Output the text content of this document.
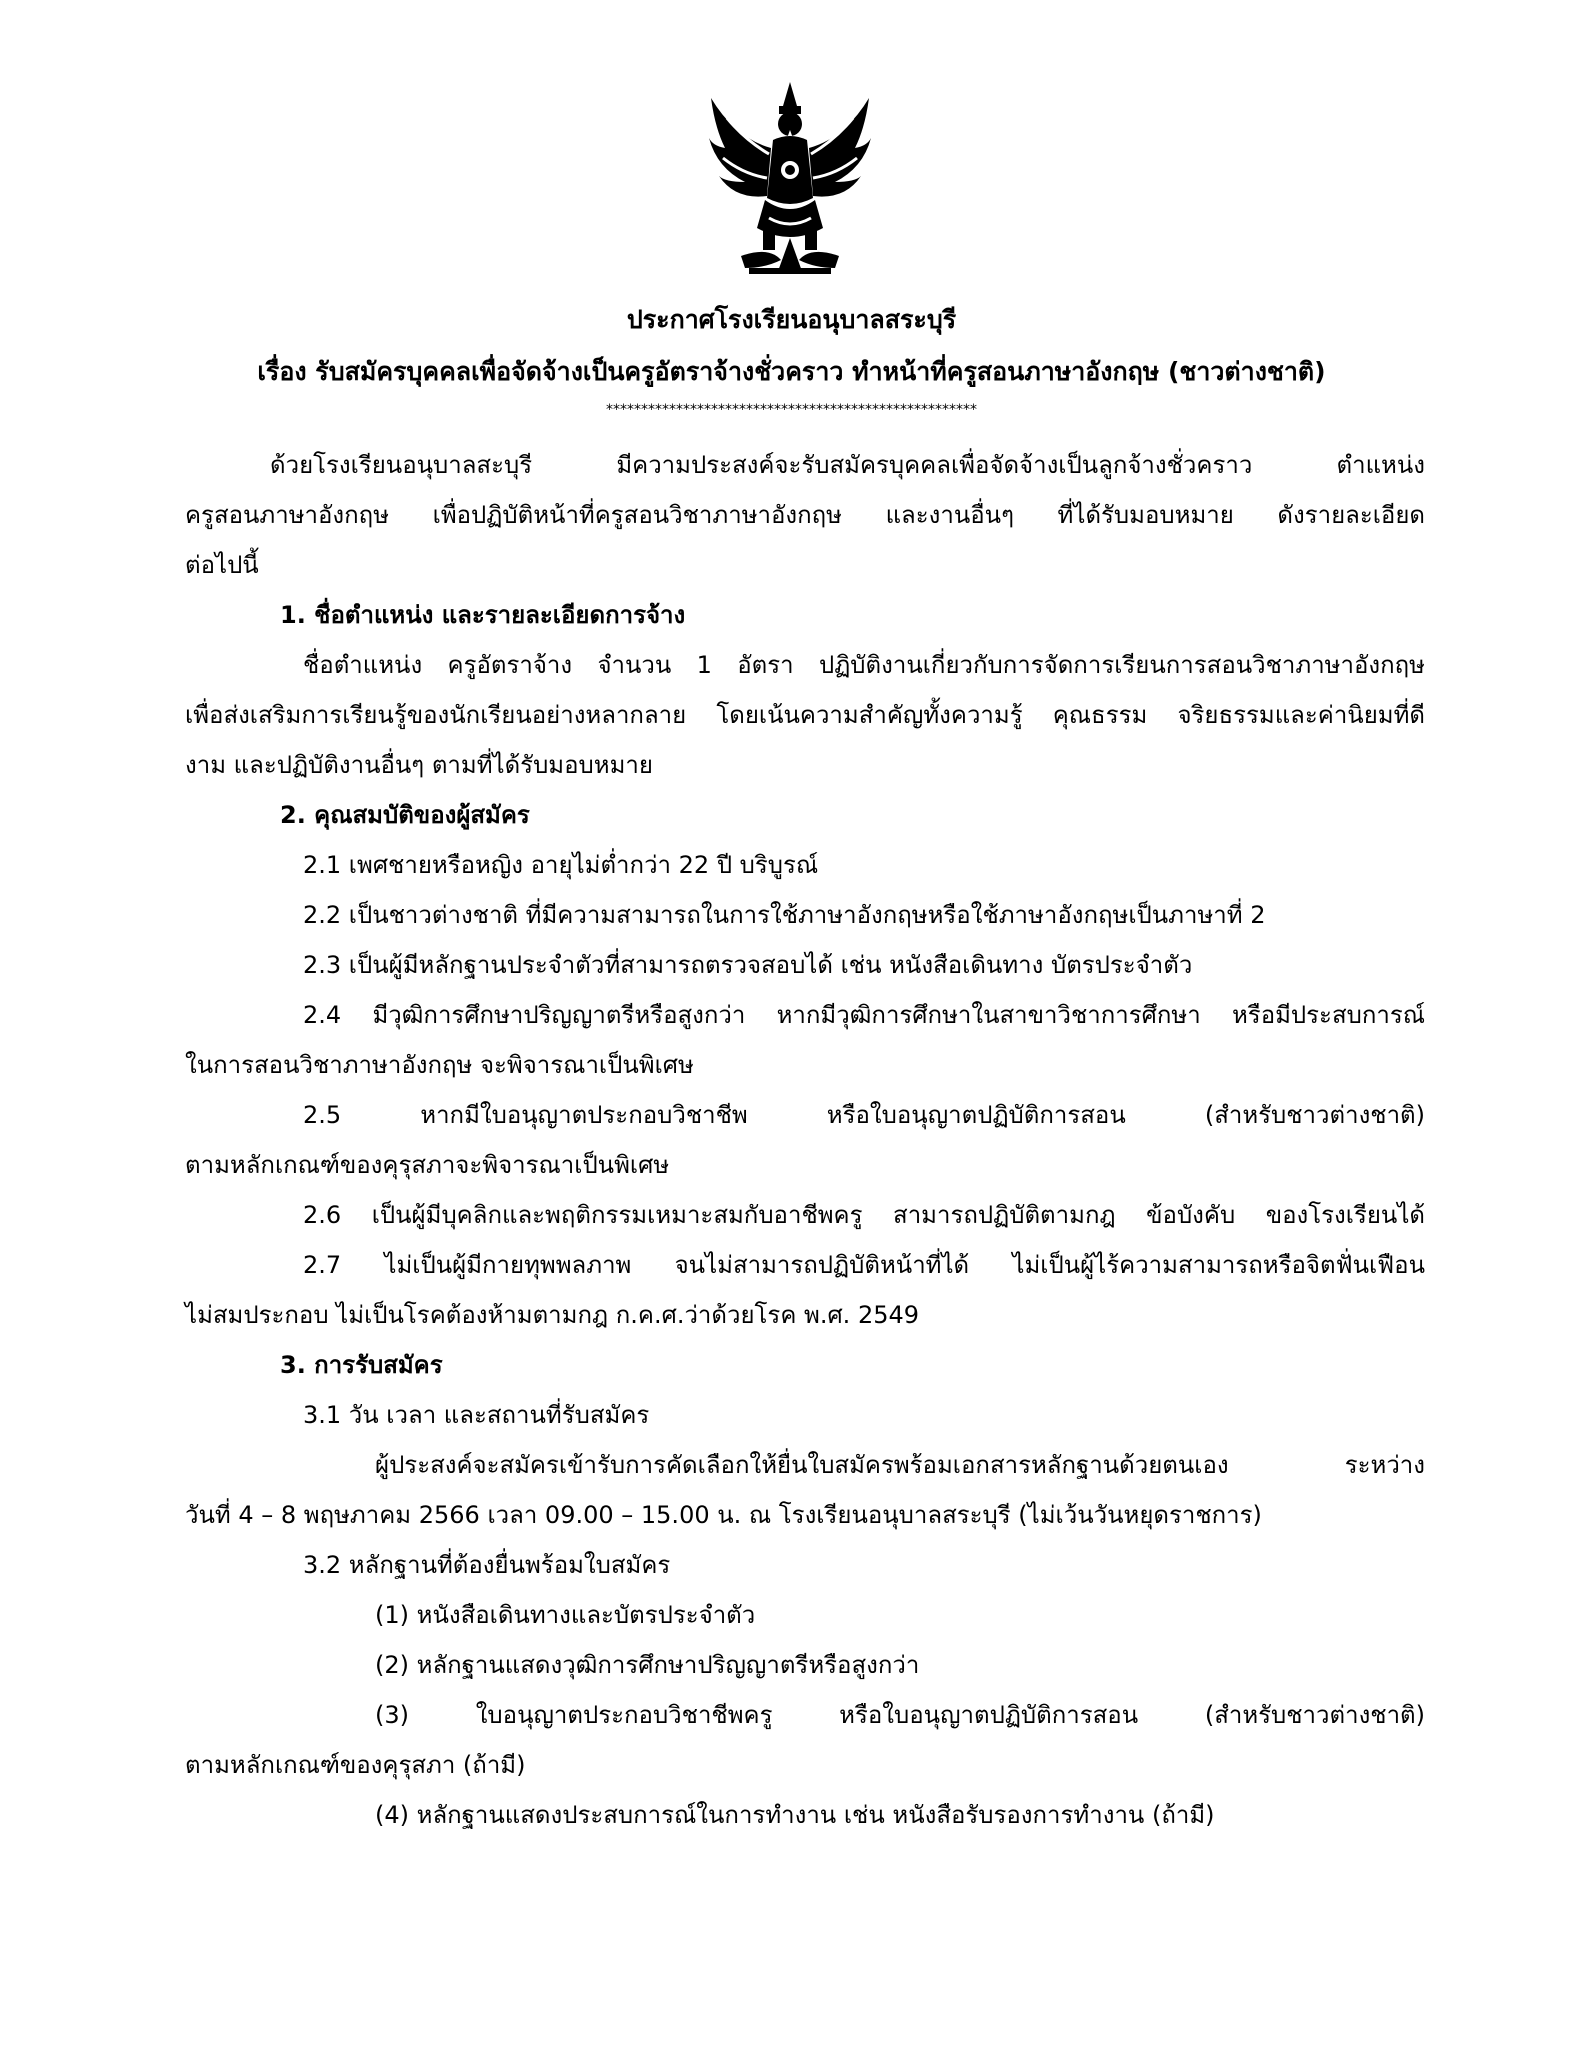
ประกาศโรงเรียนอนุบาลสระบุรี
เรื่อง รับสมัครบุคคลเพื่อจัดจ้างเป็นครูอัตราจ้างชั่วคราว ทำหน้าที่ครูสอนภาษาอังกฤษ (ชาวต่างชาติ)
*****************************************************

ด้วยโรงเรียนอนุบาลสะบุรี มีความประสงค์จะรับสมัครบุคคลเพื่อจัดจ้างเป็นลูกจ้างชั่วคราว ตำแหน่ง

ครูสอนภาษาอังกฤษ เพื่อปฏิบัติหน้าที่ครูสอนวิชาภาษาอังกฤษ และงานอื่นๆ ที่ได้รับมอบหมาย ดังรายละเอียด

ต่อไปนี้

1. ชื่อตำแหน่ง และรายละเอียดการจ้าง

ชื่อตำแหน่ง ครูอัตราจ้าง จำนวน 1 อัตรา ปฏิบัติงานเกี่ยวกับการจัดการเรียนการสอนวิชาภาษาอังกฤษ

เพื่อส่งเสริมการเรียนรู้ของนักเรียนอย่างหลากลาย โดยเน้นความสำคัญทั้งความรู้ คุณธรรม จริยธรรมและค่านิยมที่ดี

งาม และปฏิบัติงานอื่นๆ ตามที่ได้รับมอบหมาย

2. คุณสมบัติของผู้สมัคร

2.1 เพศชายหรือหญิง อายุไม่ต่ำกว่า 22 ปี บริบูรณ์

2.2 เป็นชาวต่างชาติ ที่มีความสามารถในการใช้ภาษาอังกฤษหรือใช้ภาษาอังกฤษเป็นภาษาที่ 2

2.3 เป็นผู้มีหลักฐานประจำตัวที่สามารถตรวจสอบได้ เช่น หนังสือเดินทาง บัตรประจำตัว

2.4 มีวุฒิการศึกษาปริญญาตรีหรือสูงกว่า หากมีวุฒิการศึกษาในสาขาวิชาการศึกษา หรือมีประสบการณ์

ในการสอนวิชาภาษาอังกฤษ จะพิจารณาเป็นพิเศษ

2.5 หากมีใบอนุญาตประกอบวิชาชีพ หรือใบอนุญาตปฏิบัติการสอน (สำหรับชาวต่างชาติ)

ตามหลักเกณฑ์ของคุรุสภาจะพิจารณาเป็นพิเศษ

2.6 เป็นผู้มีบุคลิกและพฤติกรรมเหมาะสมกับอาชีพครู สามารถปฏิบัติตามกฎ ข้อบังคับ ของโรงเรียนได้

2.7 ไม่เป็นผู้มีกายทุพพลภาพ จนไม่สามารถปฏิบัติหน้าที่ได้ ไม่เป็นผู้ไร้ความสามารถหรือจิตฟั่นเฟือน

ไม่สมประกอบ ไม่เป็นโรคต้องห้ามตามกฎ ก.ค.ศ.ว่าด้วยโรค พ.ศ. 2549

3. การรับสมัคร

3.1 วัน เวลา และสถานที่รับสมัคร

ผู้ประสงค์จะสมัครเข้ารับการคัดเลือกให้ยื่นใบสมัครพร้อมเอกสารหลักฐานด้วยตนเอง ระหว่าง

วันที่ 4 – 8 พฤษภาคม 2566 เวลา 09.00 – 15.00 น. ณ โรงเรียนอนุบาลสระบุรี (ไม่เว้นวันหยุดราชการ)

3.2 หลักฐานที่ต้องยื่นพร้อมใบสมัคร

(1) หนังสือเดินทางและบัตรประจำตัว

(2) หลักฐานแสดงวุฒิการศึกษาปริญญาตรีหรือสูงกว่า

(3) ใบอนุญาตประกอบวิชาชีพครู หรือใบอนุญาตปฏิบัติการสอน (สำหรับชาวต่างชาติ)

ตามหลักเกณฑ์ของคุรุสภา (ถ้ามี)

(4) หลักฐานแสดงประสบการณ์ในการทำงาน เช่น หนังสือรับรองการทำงาน (ถ้ามี)
